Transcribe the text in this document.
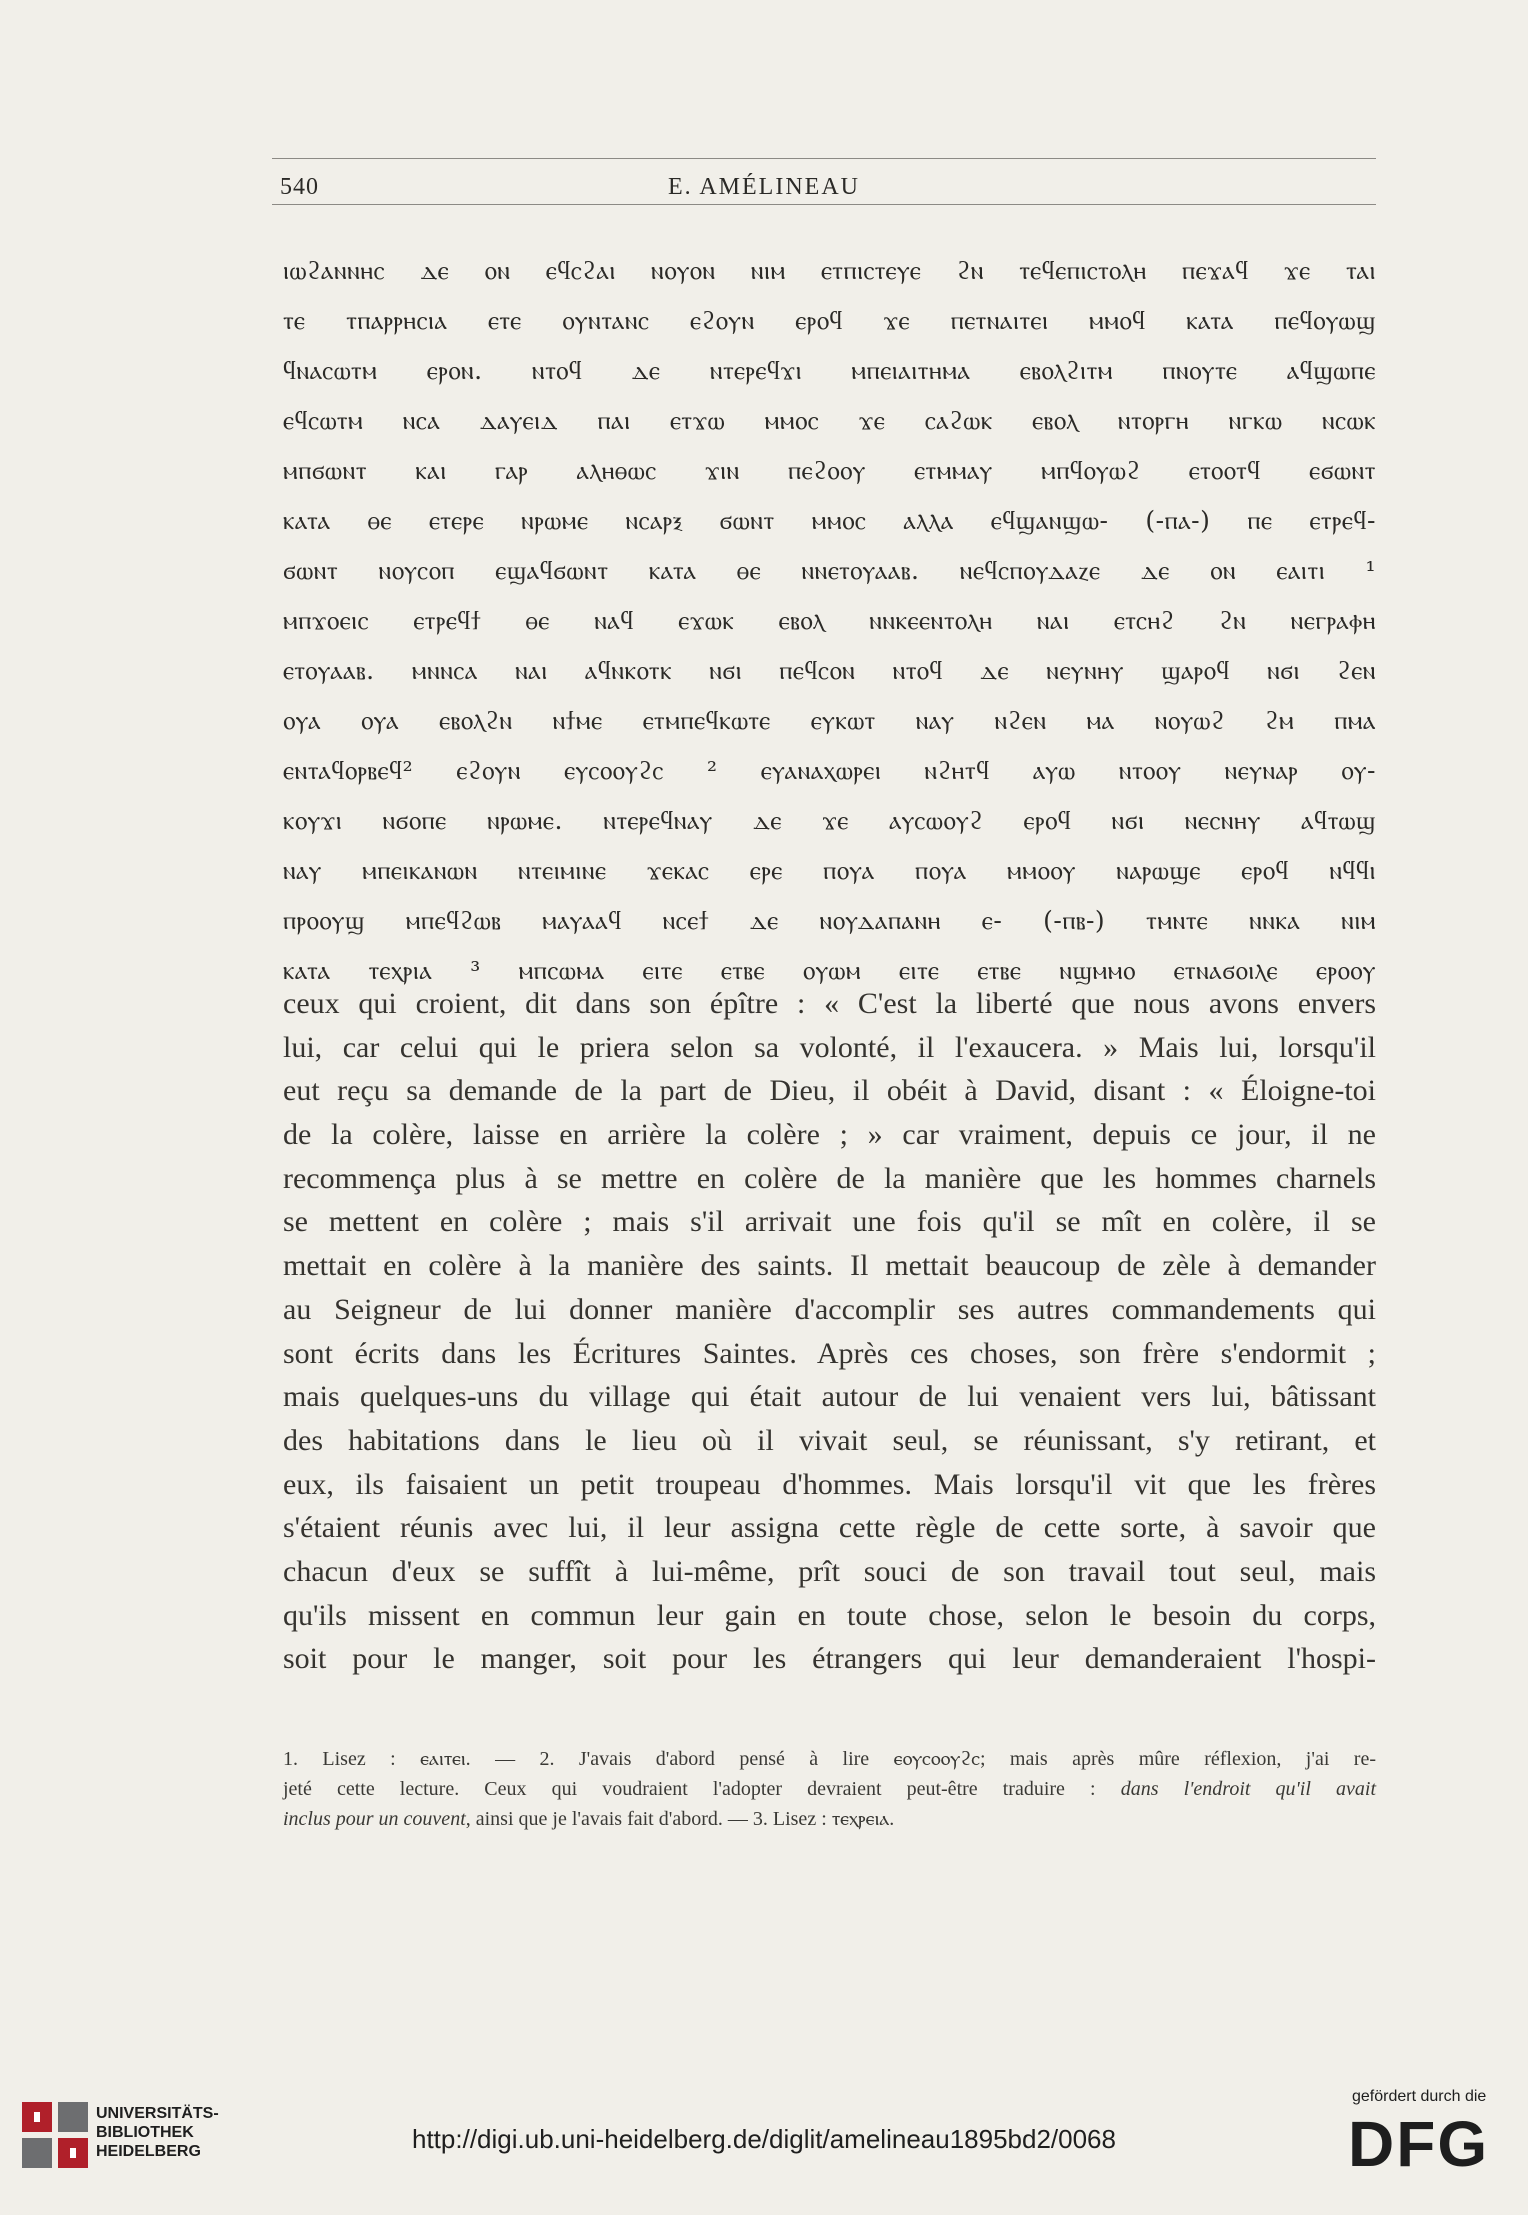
540	E. AMÉLINEAU
ⲓⲱϩⲁⲛⲛⲏⲥ ⲇⲉ ⲟⲛ ⲉϥⲥϩⲁⲓ ⲛⲟⲩⲟⲛ ⲛⲓⲙ ⲉⲧⲡⲓⲥⲧⲉⲩⲉ ϩⲛ ⲧⲉϥⲉⲡⲓⲥⲧⲟⲗⲏ ⲡⲉϫⲁϥ ϫⲉ ⲧⲁⲓ
ⲧⲉ ⲧⲡⲁⲣⲣⲏⲥⲓⲁ ⲉⲧⲉ ⲟⲩⲛⲧⲁⲛⲥ ⲉϩⲟⲩⲛ ⲉⲣⲟϥ ϫⲉ ⲡⲉⲧⲛⲁⲓⲧⲉⲓ ⲙⲙⲟϥ ⲕⲁⲧⲁ ⲡⲉϥⲟⲩⲱϣ
ϥⲛⲁⲥⲱⲧⲙ ⲉⲣⲟⲛ. ⲛⲧⲟϥ ⲇⲉ ⲛⲧⲉⲣⲉϥϫⲓ ⲙⲡⲉⲓⲁⲓⲧⲏⲙⲁ ⲉⲃⲟⲗϩⲓⲧⲙ ⲡⲛⲟⲩⲧⲉ ⲁϥϣⲱⲡⲉ
ⲉϥⲥⲱⲧⲙ ⲛⲥⲁ ⲇⲁⲩⲉⲓⲇ ⲡⲁⲓ ⲉⲧϫⲱ ⲙⲙⲟⲥ ϫⲉ ⲥⲁϩⲱⲕ ⲉⲃⲟⲗ ⲛⲧⲟⲣⲅⲏ ⲛⲅⲕⲱ ⲛⲥⲱⲕ
ⲙⲡϭⲱⲛⲧ ⲕⲁⲓ ⲅⲁⲣ ⲁⲗⲏⲑⲱⲥ ϫⲓⲛ ⲡⲉϩⲟⲟⲩ ⲉⲧⲙⲙⲁⲩ ⲙⲡϥⲟⲩⲱϩ ⲉⲧⲟⲟⲧϥ ⲉϭⲱⲛⲧ
ⲕⲁⲧⲁ ⲑⲉ ⲉⲧⲉⲣⲉ ⲛⲣⲱⲙⲉ ⲛⲥⲁⲣⲝ ϭⲱⲛⲧ ⲙⲙⲟⲥ ⲁⲗⲗⲁ ⲉϥϣⲁⲛϣⲱ- (-ⲡⲁ-) ⲡⲉ ⲉⲧⲣⲉϥ-
ϭⲱⲛⲧ ⲛⲟⲩⲥⲟⲡ ⲉϣⲁϥϭⲱⲛⲧ ⲕⲁⲧⲁ ⲑⲉ ⲛⲛⲉⲧⲟⲩⲁⲁⲃ. ⲛⲉϥⲥⲡⲟⲩⲇⲁⲍⲉ ⲇⲉ ⲟⲛ ⲉⲁⲓⲧⲓ ¹
ⲙⲡϫⲟⲉⲓⲥ ⲉⲧⲣⲉϥϯ ⲑⲉ ⲛⲁϥ ⲉϫⲱⲕ ⲉⲃⲟⲗ ⲛⲛⲕⲉⲉⲛⲧⲟⲗⲏ ⲛⲁⲓ ⲉⲧⲥⲏϩ ϩⲛ ⲛⲉⲅⲣⲁⲫⲏ
ⲉⲧⲟⲩⲁⲁⲃ. ⲙⲛⲛⲥⲁ ⲛⲁⲓ ⲁϥⲛⲕⲟⲧⲕ ⲛϭⲓ ⲡⲉϥⲥⲟⲛ ⲛⲧⲟϥ ⲇⲉ ⲛⲉⲩⲛⲏⲩ ϣⲁⲣⲟϥ ⲛϭⲓ ϩⲉⲛ
ⲟⲩⲁ ⲟⲩⲁ ⲉⲃⲟⲗϩⲛ ⲛϯⲙⲉ ⲉⲧⲙⲡⲉϥⲕⲱⲧⲉ ⲉⲩⲕⲱⲧ ⲛⲁⲩ ⲛϩⲉⲛ ⲙⲁ ⲛⲟⲩⲱϩ ϩⲙ ⲡⲙⲁ
ⲉⲛⲧⲁϥⲟⲣⲃⲉϥ² ⲉϩⲟⲩⲛ ⲉⲩⲥⲟⲟⲩϩⲥ ² ⲉⲩⲁⲛⲁⲭⲱⲣⲉⲓ ⲛϩⲏⲧϥ ⲁⲩⲱ ⲛⲧⲟⲟⲩ ⲛⲉⲩⲛⲁⲣ ⲟⲩ-
ⲕⲟⲩϫⲓ ⲛϭⲟⲡⲉ ⲛⲣⲱⲙⲉ. ⲛⲧⲉⲣⲉϥⲛⲁⲩ ⲇⲉ ϫⲉ ⲁⲩⲥⲱⲟⲩϩ ⲉⲣⲟϥ ⲛϭⲓ ⲛⲉⲥⲛⲏⲩ ⲁϥⲧⲱϣ
ⲛⲁⲩ ⲙⲡⲉⲓⲕⲁⲛⲱⲛ ⲛⲧⲉⲓⲙⲓⲛⲉ ϫⲉⲕⲁⲥ ⲉⲣⲉ ⲡⲟⲩⲁ ⲡⲟⲩⲁ ⲙⲙⲟⲟⲩ ⲛⲁⲣⲱϣⲉ ⲉⲣⲟϥ ⲛϥϥⲓ
ⲡⲣⲟⲟⲩϣ ⲙⲡⲉϥϩⲱⲃ ⲙⲁⲩⲁⲁϥ ⲛⲥⲉϯ ⲇⲉ ⲛⲟⲩⲇⲁⲡⲁⲛⲏ ⲉ- (-ⲡⲃ-) ⲧⲙⲛⲧⲉ ⲛⲛⲕⲁ ⲛⲓⲙ
ⲕⲁⲧⲁ ⲧⲉⲭⲣⲓⲁ ³ ⲙⲡⲥⲱⲙⲁ ⲉⲓⲧⲉ ⲉⲧⲃⲉ ⲟⲩⲱⲙ ⲉⲓⲧⲉ ⲉⲧⲃⲉ ⲛϣⲙⲙⲟ ⲉⲧⲛⲁϭⲟⲓⲗⲉ ⲉⲣⲟⲟⲩ
ceux qui croient, dit dans son épître : « C'est la liberté que nous avons envers
lui, car celui qui le priera selon sa volonté, il l'exaucera. » Mais lui, lorsqu'il
eut reçu sa demande de la part de Dieu, il obéit à David, disant : « Éloigne-toi
de la colère, laisse en arrière la colère ; » car vraiment, depuis ce jour, il ne
recommença plus à se mettre en colère de la manière que les hommes charnels
se mettent en colère ; mais s'il arrivait une fois qu'il se mît en colère, il se
mettait en colère à la manière des saints. Il mettait beaucoup de zèle à demander
au Seigneur de lui donner manière d'accomplir ses autres commandements qui
sont écrits dans les Écritures Saintes. Après ces choses, son frère s'endormit ;
mais quelques-uns du village qui était autour de lui venaient vers lui, bâtissant
des habitations dans le lieu où il vivait seul, se réunissant, s'y retirant, et
eux, ils faisaient un petit troupeau d'hommes. Mais lorsqu'il vit que les frères
s'étaient réunis avec lui, il leur assigna cette règle de cette sorte, à savoir que
chacun d'eux se suffît à lui-même, prît souci de son travail tout seul, mais
qu'ils missent en commun leur gain en toute chose, selon le besoin du corps,
soit pour le manger, soit pour les étrangers qui leur demanderaient l'hospi-
1. Lisez : ⲉⲁⲓⲧⲉⲓ. — 2. J'avais d'abord pensé à lire ⲉⲟⲩⲥⲟⲟⲩϩⲥ; mais après mûre réflexion, j'ai re-
jeté cette lecture. Ceux qui voudraient l'adopter devraient peut-être traduire : dans l'endroit qu'il avait
inclus pour un couvent, ainsi que je l'avais fait d'abord. — 3. Lisez : ⲧⲉⲭⲣⲉⲓⲁ.
UNIVERSITÄTS-
BIBLIOTHEK
HEIDELBERG	http://digi.ub.uni-heidelberg.de/diglit/amelineau1895bd2/0068
gefördert durch die
DFG
